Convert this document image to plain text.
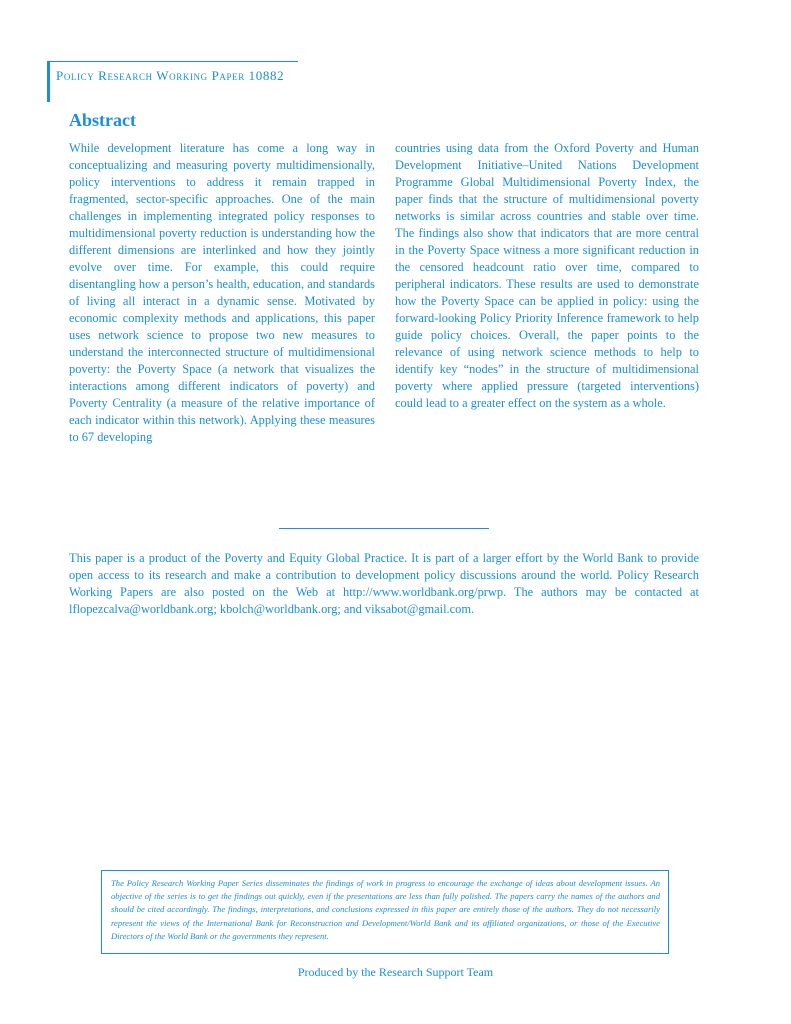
Policy Research Working Paper 10882
Abstract

While development literature has come a long way in conceptualizing and measuring poverty multidimensionally, policy interventions to address it remain trapped in fragmented, sector-specific approaches. One of the main challenges in implementing integrated policy responses to multidimensional poverty reduction is understanding how the different dimensions are interlinked and how they jointly evolve over time. For example, this could require disentangling how a person’s health, education, and standards of living all interact in a dynamic sense. Motivated by economic complexity methods and applications, this paper uses network science to propose two new measures to understand the interconnected structure of multidimensional poverty: the Poverty Space (a network that visualizes the interactions among different indicators of poverty) and Poverty Centrality (a measure of the relative importance of each indicator within this network). Applying these measures to 67 developing

countries using data from the Oxford Poverty and Human Development Initiative–United Nations Development Programme Global Multidimensional Poverty Index, the paper finds that the structure of multidimensional poverty networks is similar across countries and stable over time. The findings also show that indicators that are more central in the Poverty Space witness a more significant reduction in the censored headcount ratio over time, compared to peripheral indicators. These results are used to demonstrate how the Poverty Space can be applied in policy: using the forward-looking Policy Priority Inference framework to help guide policy choices. Overall, the paper points to the relevance of using network science methods to help to identify key “nodes” in the structure of multidimensional poverty where applied pressure (targeted interventions) could lead to a greater effect on the system as a whole.

This paper is a product of the Poverty and Equity Global Practice. It is part of a larger effort by the World Bank to provide open access to its research and make a contribution to development policy discussions around the world. Policy Research Working Papers are also posted on the Web at http://www.worldbank.org/prwp. The authors may be contacted at lflopezcalva@worldbank.org; kbolch@worldbank.org; and viksabot@gmail.com.

The Policy Research Working Paper Series disseminates the findings of work in progress to encourage the exchange of ideas about development issues. An objective of the series is to get the findings out quickly, even if the presentations are less than fully polished. The papers carry the names of the authors and should be cited accordingly. The findings, interpretations, and conclusions expressed in this paper are entirely those of the authors. They do not necessarily represent the views of the International Bank for Reconstruction and Development/World Bank and its affiliated organizations, or those of the Executive Directors of the World Bank or the governments they represent.

Produced by the Research Support Team
